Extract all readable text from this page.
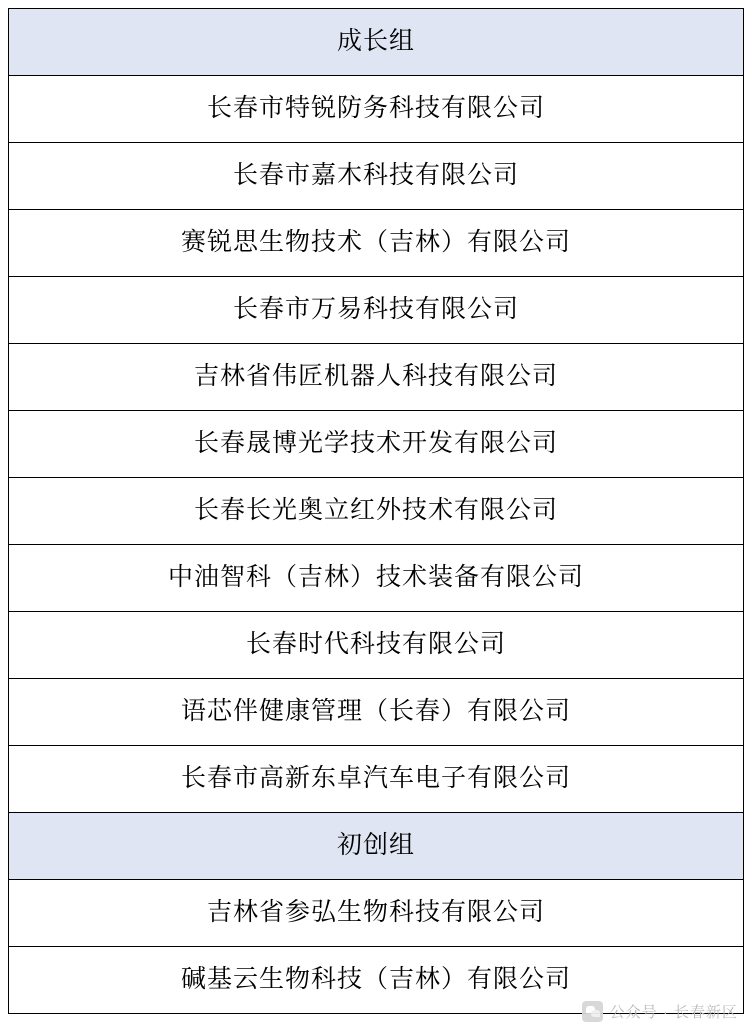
成长组
长春市特锐防务科技有限公司
长春市嘉木科技有限公司
赛锐思生物技术（吉林）有限公司
长春市万易科技有限公司
吉林省伟匠机器人科技有限公司
长春晟博光学技术开发有限公司
长春长光奥立红外技术有限公司
中油智科（吉林）技术装备有限公司
长春时代科技有限公司
语芯伴健康管理（长春）有限公司
长春市高新东卓汽车电子有限公司
初创组
吉林省参弘生物科技有限公司
碱基云生物科技（吉林）有限公司
公众号 · 长春新区
